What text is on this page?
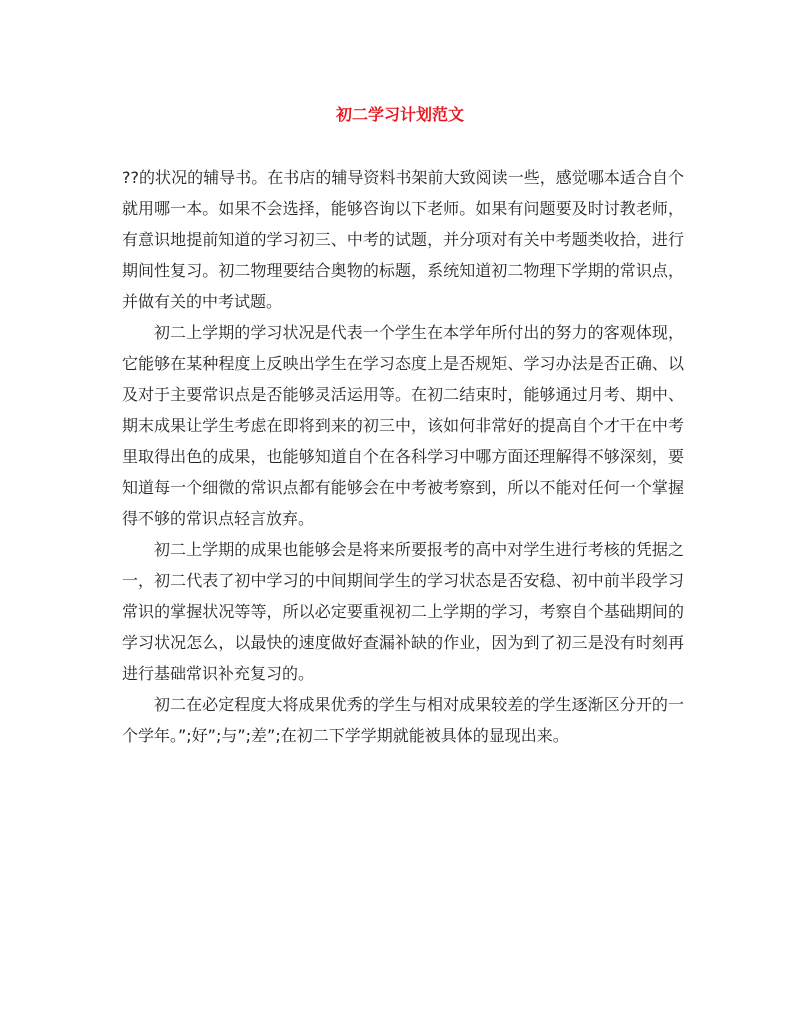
初二学习计划范文

??的状况的辅导书。在书店的辅导资料书架前大致阅读一些，感觉哪本适合自个就用哪一本。如果不会选择，能够咨询以下老师。如果有问题要及时讨教老师，有意识地提前知道的学习初三、中考的试题，并分项对有关中考题类收拾，进行期间性复习。初二物理要结合奥物的标题，系统知道初二物理下学期的常识点，并做有关的中考试题。

初二上学期的学习状况是代表一个学生在本学年所付出的努力的客观体现，它能够在某种程度上反映出学生在学习态度上是否规矩、学习办法是否正确、以及对于主要常识点是否能够灵活运用等。在初二结束时，能够通过月考、期中、期末成果让学生考虑在即将到来的初三中，该如何非常好的提高自个才干在中考里取得出色的成果，也能够知道自个在各科学习中哪方面还理解得不够深刻，要知道每一个细微的常识点都有能够会在中考被考察到，所以不能对任何一个掌握得不够的常识点轻言放弃。

初二上学期的成果也能够会是将来所要报考的高中对学生进行考核的凭据之一，初二代表了初中学习的中间期间学生的学习状态是否安稳、初中前半段学习常识的掌握状况等等，所以必定要重视初二上学期的学习，考察自个基础期间的学习状况怎么，以最快的速度做好查漏补缺的作业，因为到了初三是没有时刻再进行基础常识补充复习的。

初二在必定程度大将成果优秀的学生与相对成果较差的学生逐渐区分开的一个学年。”;好”;与”;差”;在初二下学学期就能被具体的显现出来。
